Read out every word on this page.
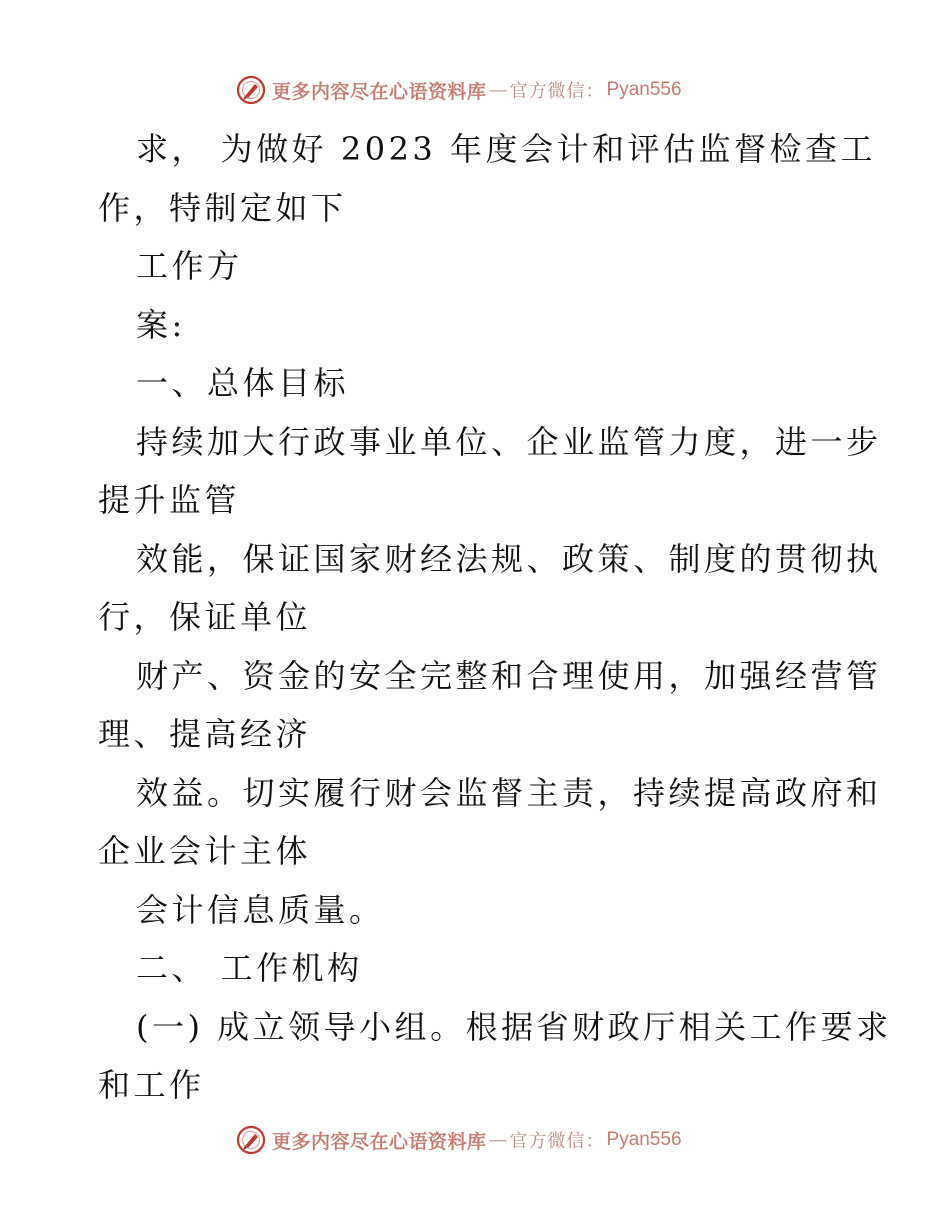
更多内容尽在心语资料库 — 官方微信： Pyan556
求， 为做好 2023 年度会计和评估监督检查工
作，特制定如下
工作方
案:
一、总体目标
持续加大行政事业单位、企业监管力度，进一步
提升监管
效能，保证国家财经法规、政策、制度的贯彻执
行，保证单位
财产、资金的安全完整和合理使用，加强经营管
理、提高经济
效益。切实履行财会监督主责，持续提高政府和
企业会计主体
会计信息质量。
二、 工作机构
(一) 成立领导小组。根据省财政厅相关工作要求
和工作
更多内容尽在心语资料库 — 官方微信： Pyan556
